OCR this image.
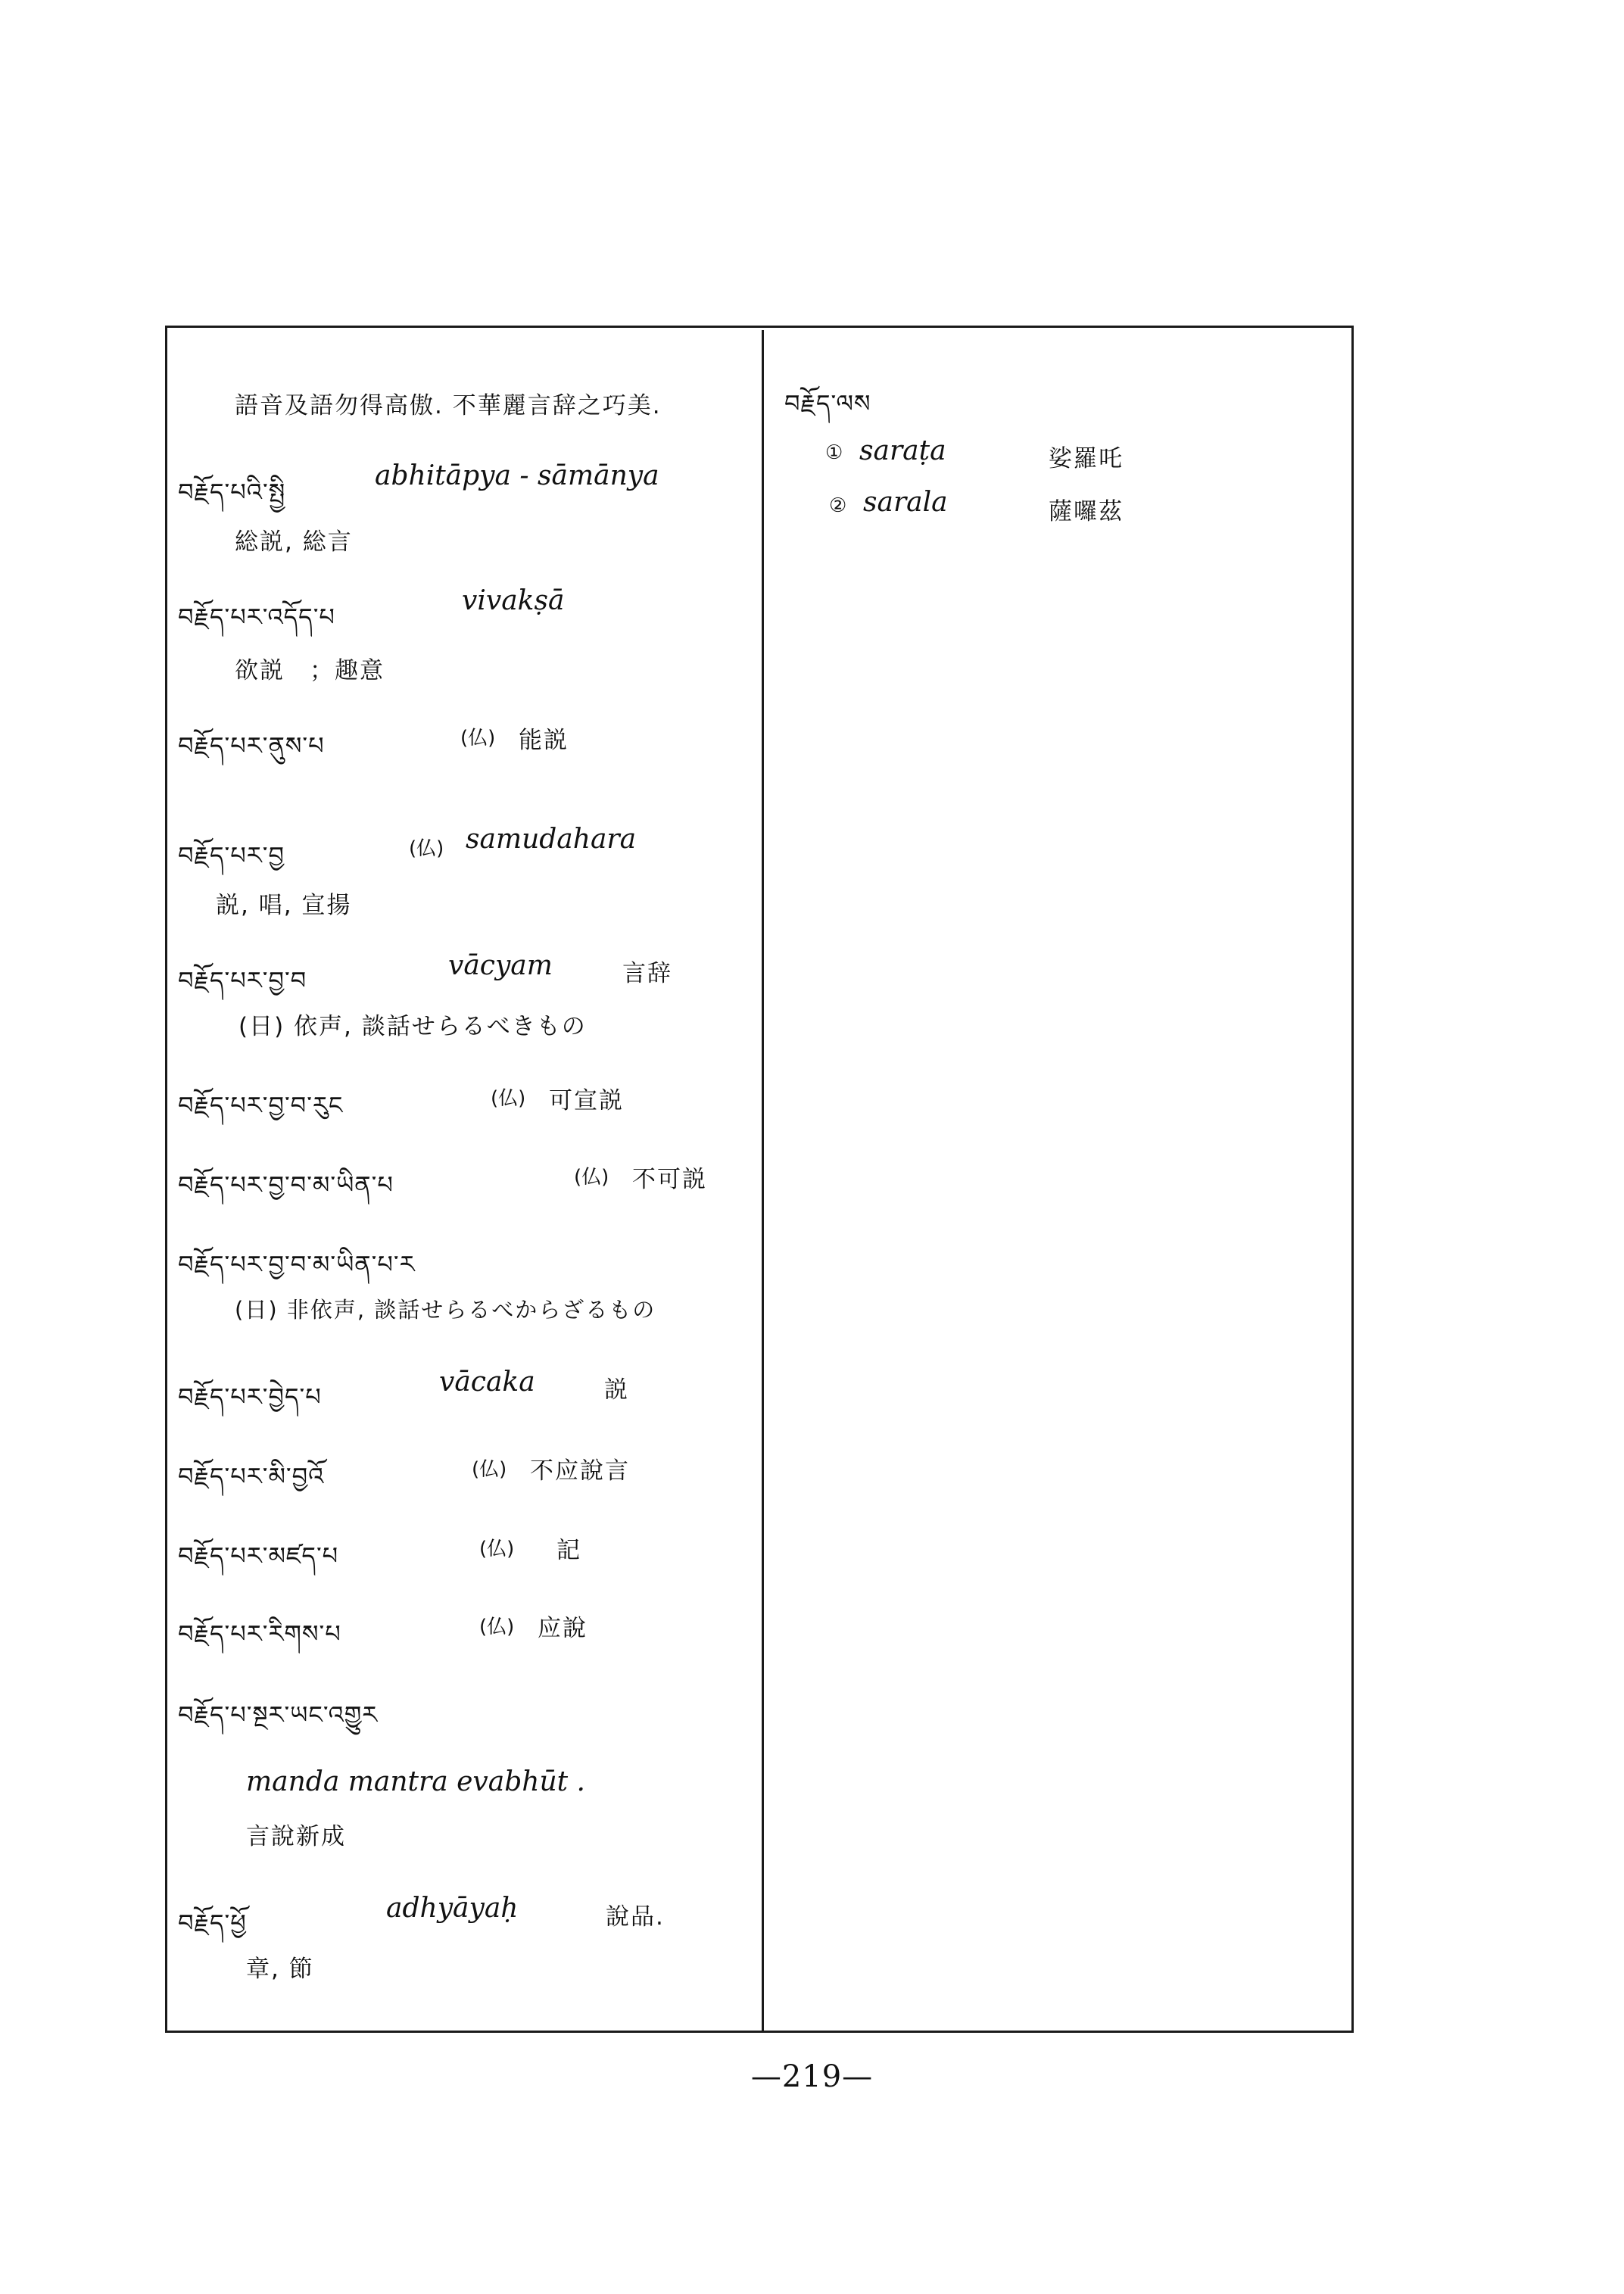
語音及語勿得高傲. 不華麗言辞之巧美.
བརྗོད་པའི་སྤྱི
abhitāpya - sāmānya
総説, 総言
བརྗོད་པར་འདོད་པ
vivakṣā
欲説　；趣意
བརྗོད་པར་ནུས་པ	(仏) 能説
བརྗོད་པར་བྱ	(仏) samudahara
説, 唱, 宣揚
བརྗོད་པར་བྱ་བ	vācyam	言辞
(日) 依声, 談話せらるべきもの
བརྗོད་པར་བྱ་བ་རུང	(仏) 可宣説
བརྗོད་པར་བྱ་བ་མ་ཡིན་པ	(仏) 不可説
བརྗོད་པར་བྱ་བ་མ་ཡིན་པ་ར
(日) 非依声, 談話せらるべからざるもの
བརྗོད་པར་བྱེད་པ	vācaka	説
བརྗོད་པར་མི་བྱའོ	(仏) 不应說言
བརྗོད་པར་མཛད་པ	(仏) 記
བརྗོད་པར་རིགས་པ	(仏) 应說
བརྗོད་པ་སྔར་ཡང་འགྱུར
manda mantra evabhūt .
言說新成
བརྗོད་ཕྱོ	adhyāyaḥ	說品.
章, 節
བརྗོད་ལས
① saraṭa	娑羅吒
② sarala	薩囉茲
—219—
